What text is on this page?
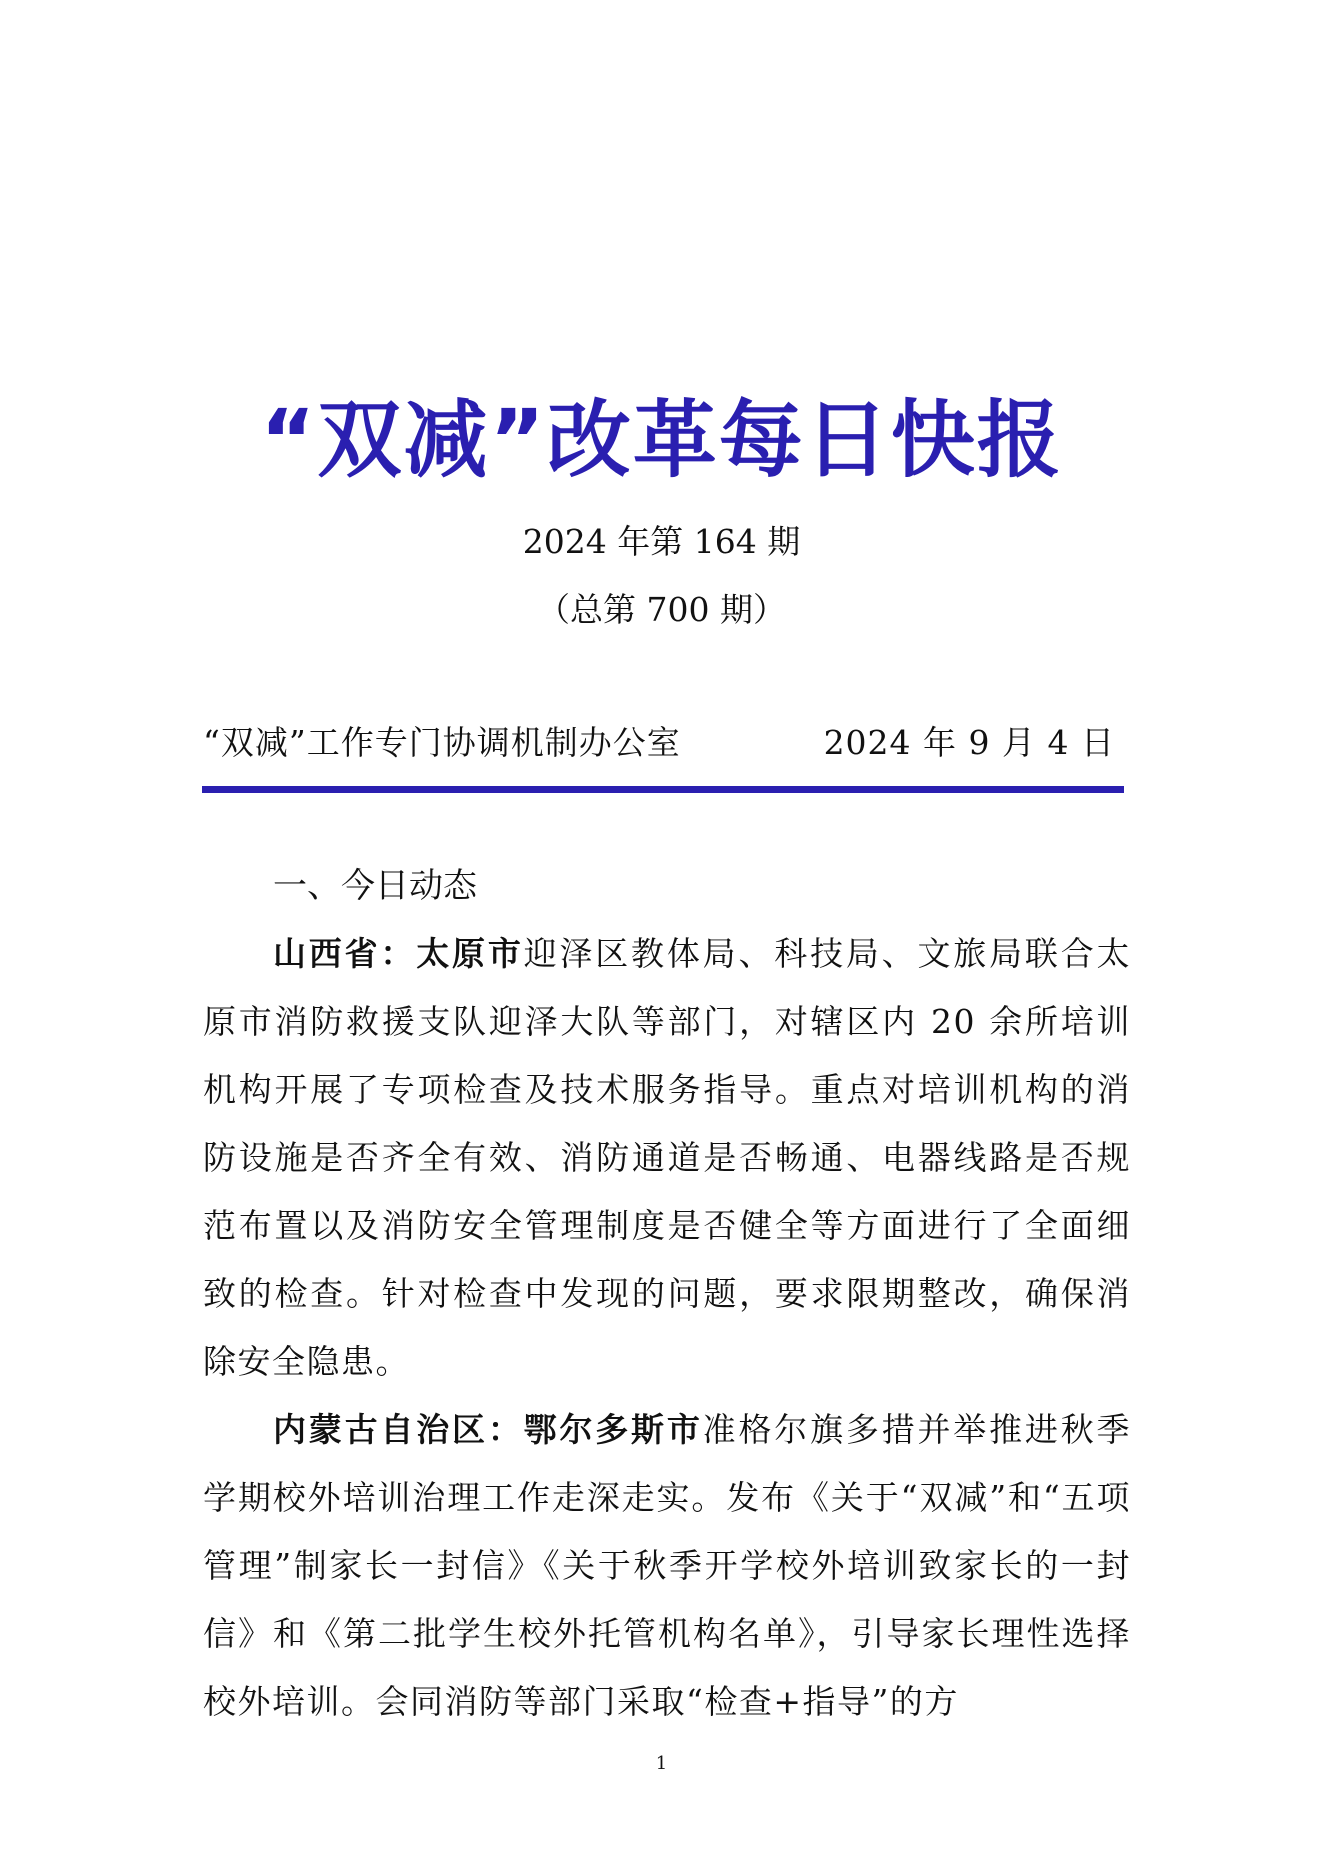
“双减”改革每日快报
2024 年第 164 期
（总第 700 期）
“双减”工作专门协调机制办公室	2024 年 9 月 4 日
一、今日动态

山西省：太原市迎泽区教体局、科技局、文旅局联合太原市消防救援支队迎泽大队等部门，对辖区内 20 余所培训机构开展了专项检查及技术服务指导。重点对培训机构的消防设施是否齐全有效、消防通道是否畅通、电器线路是否规范布置以及消防安全管理制度是否健全等方面进行了全面细致的检查。针对检查中发现的问题，要求限期整改，确保消除安全隐患。

内蒙古自治区：鄂尔多斯市准格尔旗多措并举推进秋季学期校外培训治理工作走深走实。发布《关于“双减”和“五项管理”制家长一封信》《关于秋季开学校外培训致家长的一封信》和《第二批学生校外托管机构名单》，引导家长理性选择校外培训。会同消防等部门采取“检查+指导”的方

1
